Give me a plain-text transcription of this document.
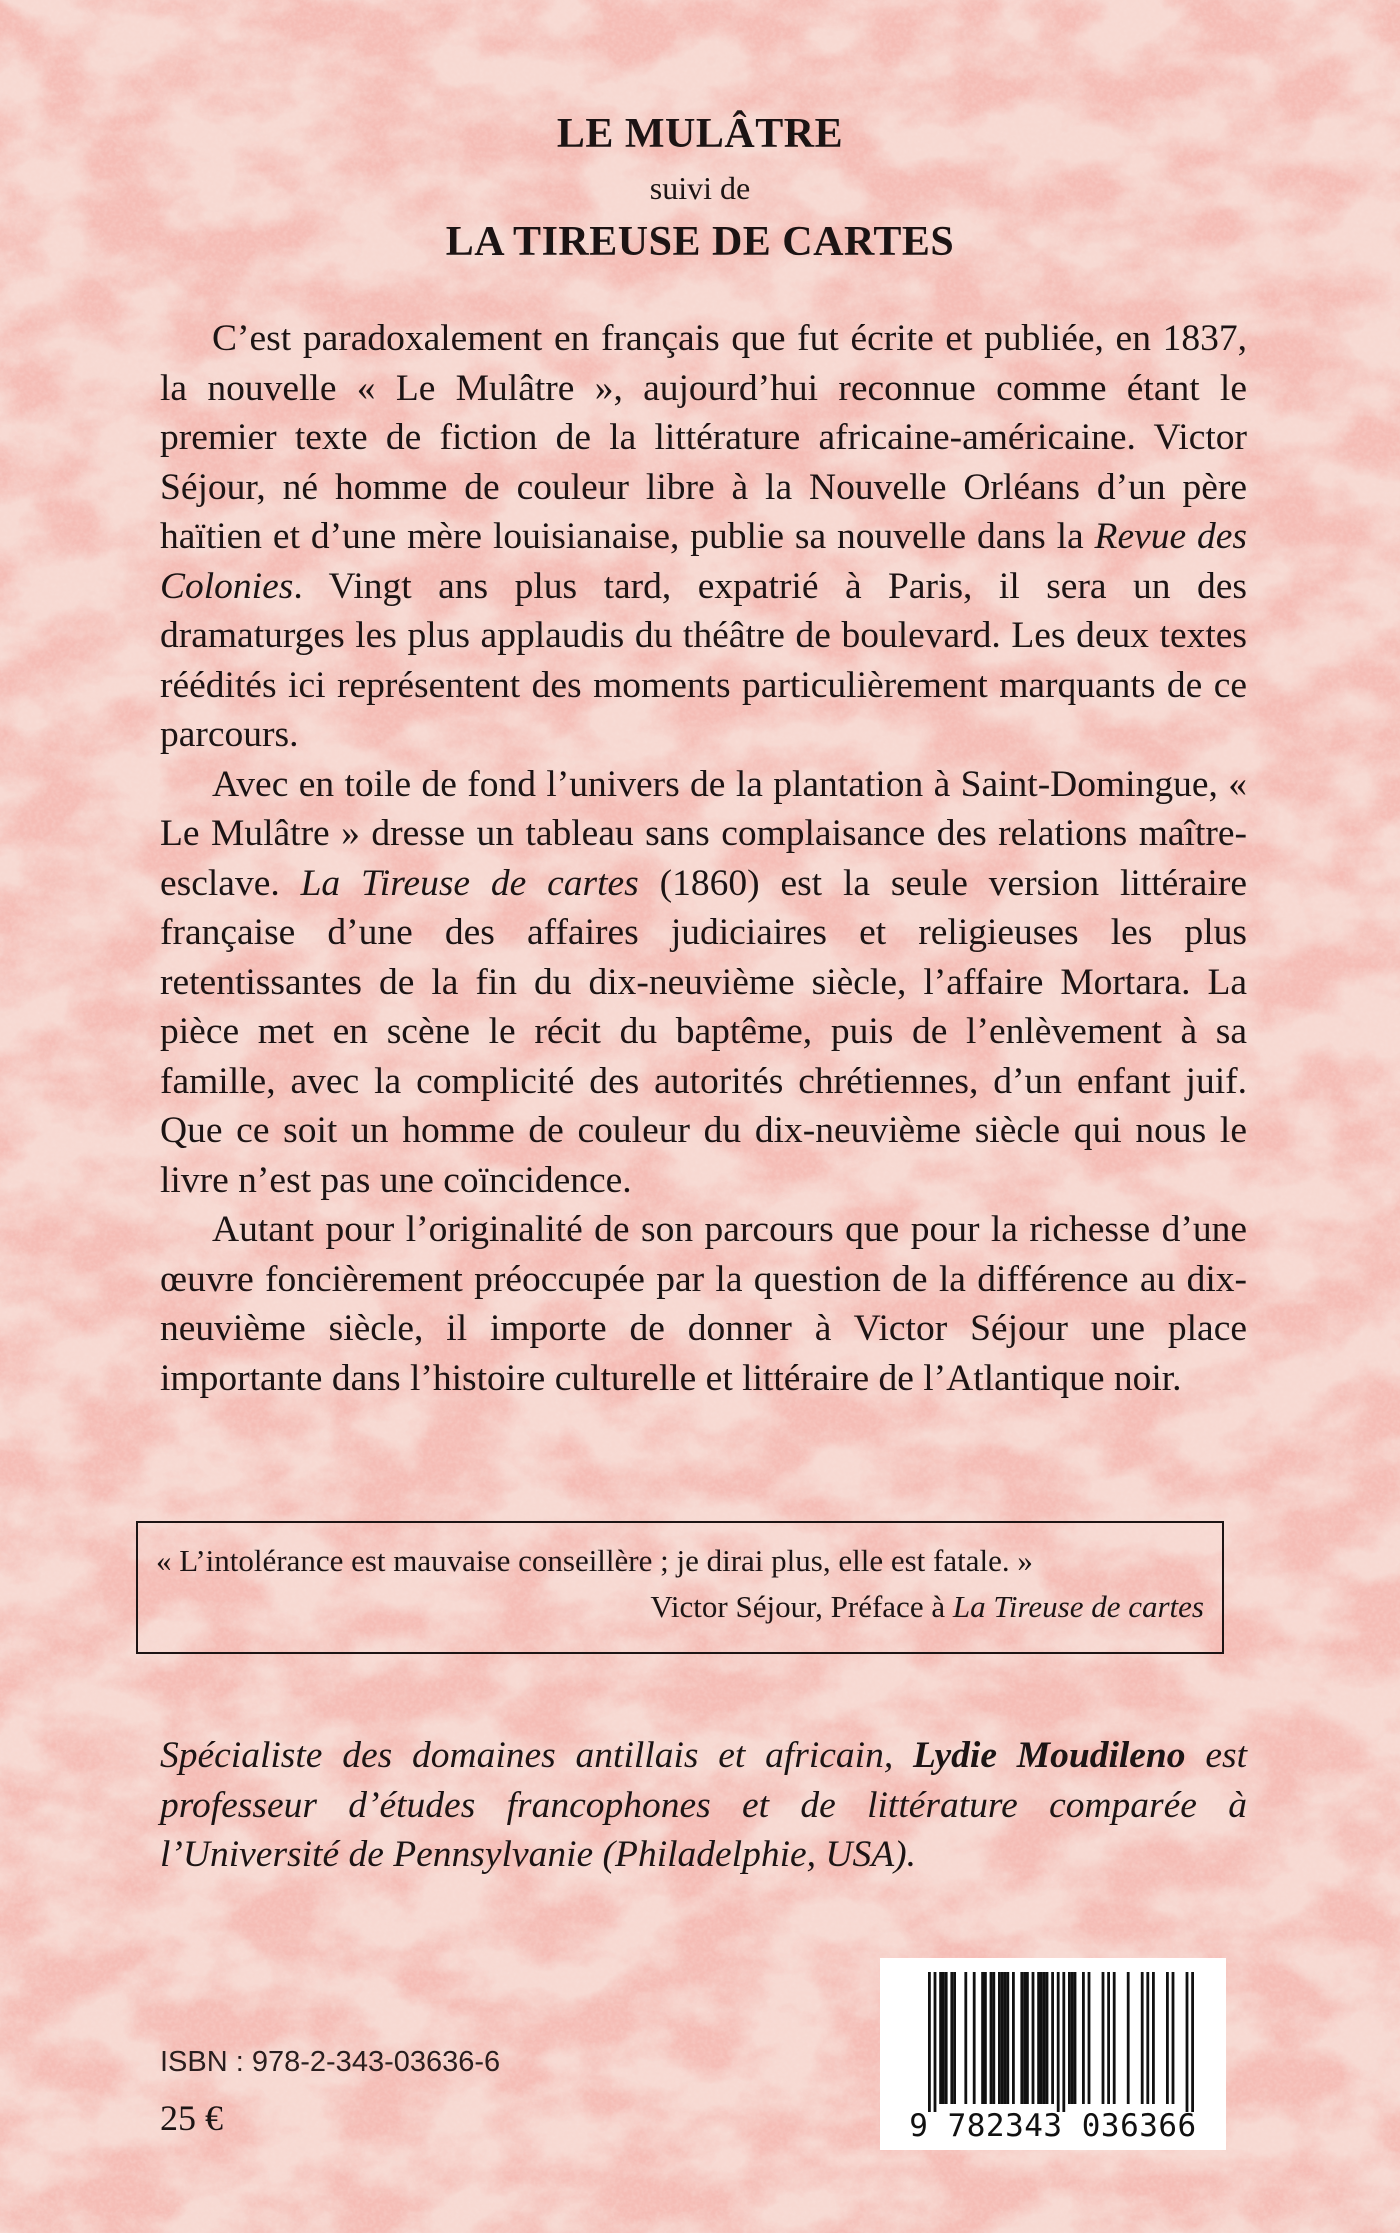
LE MULÂTRE
suivi de
LA TIREUSE DE CARTES

C’est paradoxalement en français que fut écrite et publiée, en 1837, la nouvelle « Le Mulâtre », aujourd’hui reconnue comme étant le premier texte de fiction de la littérature africaine-américaine. Victor Séjour, né homme de couleur libre à la Nouvelle Orléans d’un père haïtien et d’une mère louisianaise, publie sa nouvelle dans la Revue des Colonies. Vingt ans plus tard, expatrié à Paris, il sera un des dramaturges les plus applaudis du théâtre de boulevard. Les deux textes réédités ici représentent des moments particulièrement marquants de ce parcours.

Avec en toile de fond l’univers de la plantation à Saint-Domingue, « Le Mulâtre » dresse un tableau sans complaisance des relations maître-esclave. La Tireuse de cartes (1860) est la seule version littéraire française d’une des affaires judiciaires et religieuses les plus retentissantes de la fin du dix-neuvième siècle, l’affaire Mortara. La pièce met en scène le récit du baptême, puis de l’enlèvement à sa famille, avec la complicité des autorités chrétiennes, d’un enfant juif. Que ce soit un homme de couleur du dix-neuvième siècle qui nous le livre n’est pas une coïncidence.

Autant pour l’originalité de son parcours que pour la richesse d’une œuvre foncièrement préoccupée par la question de la différence au dix-neuvième siècle, il importe de donner à Victor Séjour une place importante dans l’histoire culturelle et littéraire de l’Atlantique noir.

« L’intolérance est mauvaise conseillère ; je dirai plus, elle est fatale. »
Victor Séjour, Préface à La Tireuse de cartes
Spécialiste des domaines antillais et africain, Lydie Moudileno est professeur d’études francophones et de littérature comparée à l’Université de Pennsylvanie (Philadelphie, USA).
ISBN : 978-2-343-03636-6
25 €	9 782343 036366
